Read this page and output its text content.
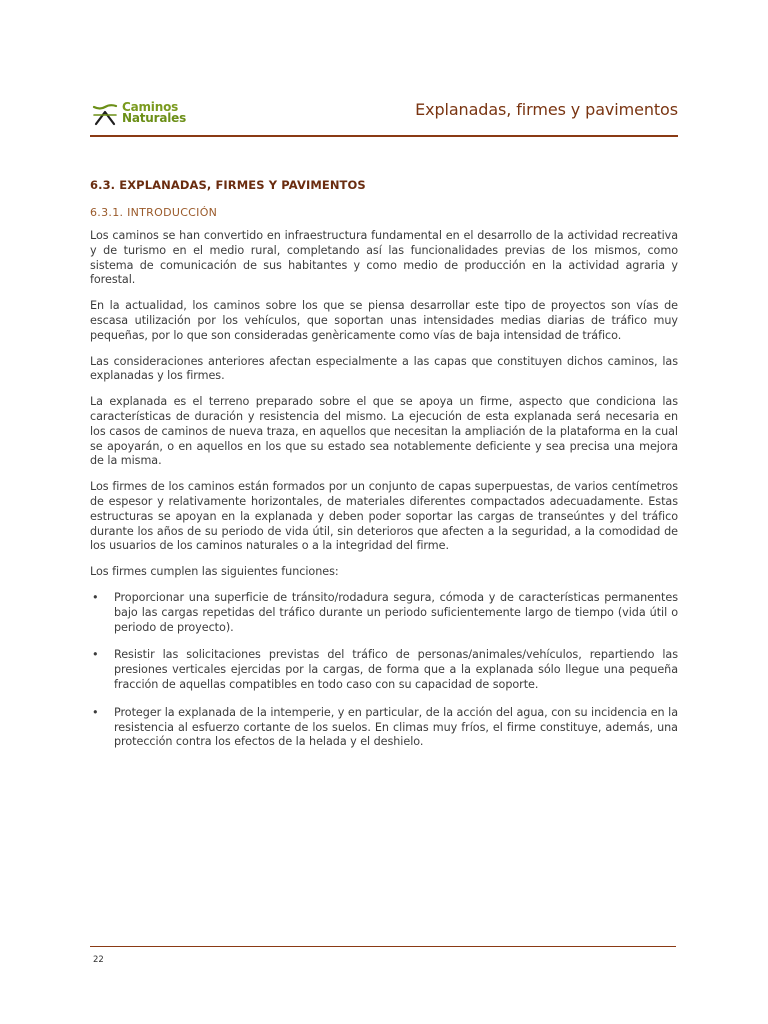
Caminos
Naturales	Explanadas, firmes y pavimentos
6.3. EXPLANADAS, FIRMES Y PAVIMENTOS
6.3.1. INTRODUCCIÓN

Los caminos se han convertido en infraestructura fundamental en el desarrollo de la actividad recreativa y de turismo en el medio rural, completando así las funcionalidades previas de los mismos, como sistema de comunicación de sus habitantes y como medio de producción en la actividad agraria y forestal.

En la actualidad, los caminos sobre los que se piensa desarrollar este tipo de proyectos son vías de escasa utilización por los vehículos, que soportan unas intensidades medias diarias de tráfico muy pequeñas, por lo que son consideradas genèricamente como vías de baja intensidad de tráfico.

Las consideraciones anteriores afectan especialmente a las capas que constituyen dichos caminos, las explanadas y los firmes.

La explanada es el terreno preparado sobre el que se apoya un firme, aspecto que condiciona las características de duración y resistencia del mismo. La ejecución de esta explanada será necesaria en los casos de caminos de nueva traza, en aquellos que necesitan la ampliación de la plataforma en la cual se apoyarán, o en aquellos en los que su estado sea notablemente deficiente y sea precisa una mejora de la misma.

Los firmes de los caminos están formados por un conjunto de capas superpuestas, de varios centímetros de espesor y relativamente horizontales, de materiales diferentes compactados adecuadamente. Estas estructuras se apoyan en la explanada y deben poder soportar las cargas de transeúntes y del tráfico durante los años de su periodo de vida útil, sin deterioros que afecten a la seguridad, a la comodidad de los usuarios de los caminos naturales o a la integridad del firme.

Los firmes cumplen las siguientes funciones:

• Proporcionar una superficie de tránsito/rodadura segura, cómoda y de características permanentes bajo las cargas repetidas del tráfico durante un periodo suficientemente largo de tiempo (vida útil o periodo de proyecto).
• Resistir las solicitaciones previstas del tráfico de personas/animales/vehículos, repartiendo las presiones verticales ejercidas por la cargas, de forma que a la explanada sólo llegue una pequeña fracción de aquellas compatibles en todo caso con su capacidad de soporte.
• Proteger la explanada de la intemperie, y en particular, de la acción del agua, con su incidencia en la resistencia al esfuerzo cortante de los suelos. En climas muy fríos, el firme constituye, además, una protección contra los efectos de la helada y el deshielo.
22
